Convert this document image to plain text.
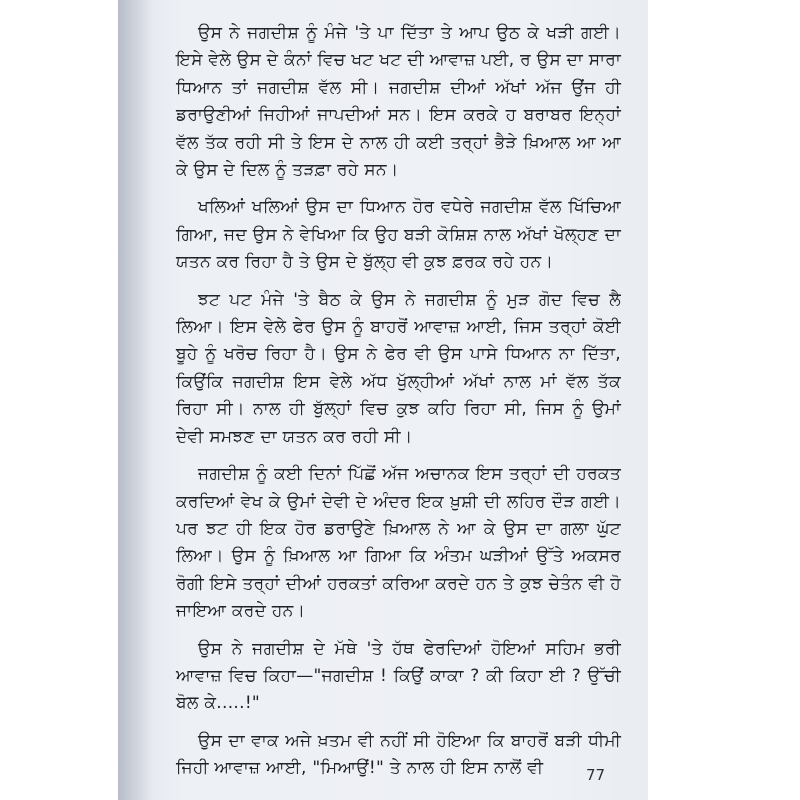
ਉਸ ਨੇ ਜਗਦੀਸ਼ ਨੂੰ ਮੰਜੇ 'ਤੇ ਪਾ ਦਿੱਤਾ ਤੇ ਆਪ ਉਠ ਕੇ ਖੜੀ ਗਈ। ਇਸੇ ਵੇਲੇ ਉਸ ਦੇ ਕੰਨਾਂ ਵਿਚ ਖਟ ਖਟ ਦੀ ਆਵਾਜ਼ ਪਈ, ਰ ਉਸ ਦਾ ਸਾਰਾ ਧਿਆਨ ਤਾਂ ਜਗਦੀਸ਼ ਵੱਲ ਸੀ। ਜਗਦੀਸ਼ ਦੀਆਂ ਅੱਖਾਂ ਅੱਜ ਉਂਜ ਹੀ ਡਰਾਉਣੀਆਂ ਜਿਹੀਆਂ ਜਾਪਦੀਆਂ ਸਨ। ਇਸ ਕਰਕੇ ਹ ਬਰਾਬਰ ਇਨ੍ਹਾਂ ਵੱਲ ਤੱਕ ਰਹੀ ਸੀ ਤੇ ਇਸ ਦੇ ਨਾਲ ਹੀ ਕਈ ਤਰ੍ਹਾਂ ਭੈੜੇ ਖ਼ਿਆਲ ਆ ਆ ਕੇ ਉਸ ਦੇ ਦਿਲ ਨੂੰ ਤੜਫ਼ਾ ਰਹੇ ਸਨ।

ਖਲਿਆਂ ਖਲਿਆਂ ਉਸ ਦਾ ਧਿਆਨ ਹੋਰ ਵਧੇਰੇ ਜਗਦੀਸ਼ ਵੱਲ ਖਿੱਚਿਆ ਗਿਆ, ਜਦ ਉਸ ਨੇ ਵੇਖਿਆ ਕਿ ਉਹ ਬੜੀ ਕੋਸ਼ਿਸ਼ ਨਾਲ ਅੱਖਾਂ ਖੋਲ੍ਹਣ ਦਾ ਯਤਨ ਕਰ ਰਿਹਾ ਹੈ ਤੇ ਉਸ ਦੇ ਬੁੱਲ੍ਹ ਵੀ ਕੁਝ ਫ਼ਰਕ ਰਹੇ ਹਨ।

ਝਟ ਪਟ ਮੰਜੇ 'ਤੇ ਬੈਠ ਕੇ ਉਸ ਨੇ ਜਗਦੀਸ਼ ਨੂੰ ਮੁੜ ਗੋਦ ਵਿਚ ਲੈ ਲਿਆ। ਇਸ ਵੇਲੇ ਫੇਰ ਉਸ ਨੂੰ ਬਾਹਰੋਂ ਆਵਾਜ਼ ਆਈ, ਜਿਸ ਤਰ੍ਹਾਂ ਕੋਈ ਬੂਹੇ ਨੂੰ ਖਰੋਚ ਰਿਹਾ ਹੈ। ਉਸ ਨੇ ਫੇਰ ਵੀ ਉਸ ਪਾਸੇ ਧਿਆਨ ਨਾ ਦਿੱਤਾ, ਕਿਉਂਕਿ ਜਗਦੀਸ਼ ਇਸ ਵੇਲੇ ਅੱਧ ਖੁੱਲ੍ਹੀਆਂ ਅੱਖਾਂ ਨਾਲ ਮਾਂ ਵੱਲ ਤੱਕ ਰਿਹਾ ਸੀ। ਨਾਲ ਹੀ ਬੁੱਲ੍ਹਾਂ ਵਿਚ ਕੁਝ ਕਹਿ ਰਿਹਾ ਸੀ, ਜਿਸ ਨੂੰ ਉਮਾਂ ਦੇਵੀ ਸਮਝਣ ਦਾ ਯਤਨ ਕਰ ਰਹੀ ਸੀ।

ਜਗਦੀਸ਼ ਨੂੰ ਕਈ ਦਿਨਾਂ ਪਿੱਛੋਂ ਅੱਜ ਅਚਾਨਕ ਇਸ ਤਰ੍ਹਾਂ ਦੀ ਹਰਕਤ ਕਰਦਿਆਂ ਵੇਖ ਕੇ ਉਮਾਂ ਦੇਵੀ ਦੇ ਅੰਦਰ ਇਕ ਖ਼ੁਸ਼ੀ ਦੀ ਲਹਿਰ ਦੌੜ ਗਈ। ਪਰ ਝਟ ਹੀ ਇਕ ਹੋਰ ਡਰਾਉਣੇ ਖ਼ਿਆਲ ਨੇ ਆ ਕੇ ਉਸ ਦਾ ਗਲਾ ਘੁੱਟ ਲਿਆ। ਉਸ ਨੂੰ ਖ਼ਿਆਲ ਆ ਗਿਆ ਕਿ ਅੰਤਮ ਘੜੀਆਂ ਉੱਤੇ ਅਕਸਰ ਰੋਗੀ ਇਸੇ ਤਰ੍ਹਾਂ ਦੀਆਂ ਹਰਕਤਾਂ ਕਰਿਆ ਕਰਦੇ ਹਨ ਤੇ ਕੁਝ ਚੇਤੰਨ ਵੀ ਹੋ ਜਾਇਆ ਕਰਦੇ ਹਨ।

ਉਸ ਨੇ ਜਗਦੀਸ਼ ਦੇ ਮੱਥੇ 'ਤੇ ਹੱਥ ਫੇਰਦਿਆਂ ਹੋਇਆਂ ਸਹਿਮ ਭਰੀ ਆਵਾਜ਼ ਵਿਚ ਕਿਹਾ—"ਜਗਦੀਸ਼ ! ਕਿਉਂ ਕਾਕਾ ? ਕੀ ਕਿਹਾ ਈ ? ਉੱਚੀ ਬੋਲ ਕੇ.....!"

ਉਸ ਦਾ ਵਾਕ ਅਜੇ ਖ਼ਤਮ ਵੀ ਨਹੀਂ ਸੀ ਹੋਇਆ ਕਿ ਬਾਹਰੋਂ ਬੜੀ ਧੀਮੀ ਜਿਹੀ ਆਵਾਜ਼ ਆਈ, "ਮਿਆਉਂ!" ਤੇ ਨਾਲ ਹੀ ਇਸ ਨਾਲੋਂ ਵੀ	77
